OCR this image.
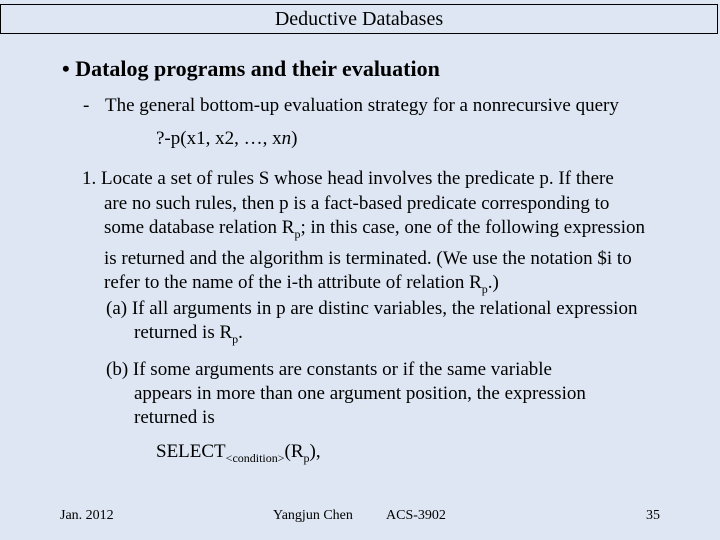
Deductive Databases
• Datalog programs and their evaluation
- The general bottom-up evaluation strategy for a nonrecursive query
?-p(x1, x2, …, xn)
1. Locate a set of rules S whose head involves the predicate p. If there
are no such rules, then p is a fact-based predicate corresponding to
some database relation $R_p$; in this case, one of the following expression
is returned and the algorithm is terminated. (We use the notation $i to
refer to the name of the i-th attribute of relation $R_p$.)
(a) If all arguments in p are distinc variables, the relational expression
returned is $R_p$.
(b) If some arguments are constants or if the same variable
appears in more than one argument position, the expression
returned is
$SELECT_{<condition>}(R_p)$,
Jan. 2012	Yangjun Chen ACS-3902	35
